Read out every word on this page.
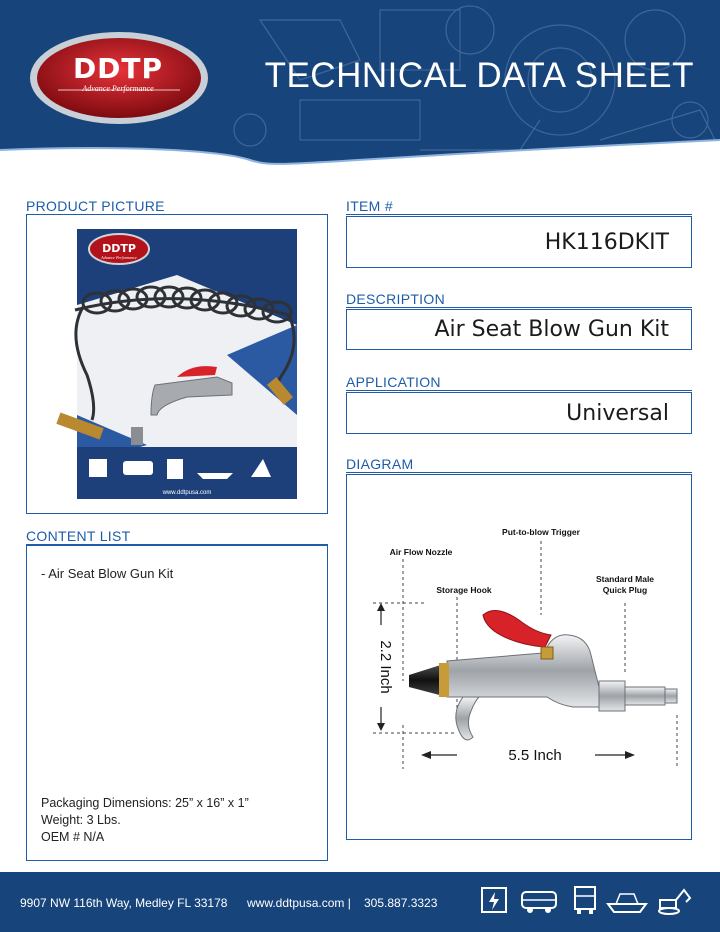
DDTP
Advance Performance	TECHNICAL DATA SHEET
PRODUCT PICTURE
DDTP
Advance Performance
www.ddtpusa.com
ITEM #
HK116DKIT
DESCRIPTION
Air Seat Blow Gun Kit
APPLICATION
Universal
DIAGRAM
Put-to-blow Trigger
Air Flow Nozzle
Storage Hook
Standard Male
Quick Plug
2.2 Inch
5.5 Inch
CONTENT LIST
- Air Seat Blow Gun Kit
Packaging Dimensions: 25” x 16” x 1”
Weight: 3 Lbs.
OEM # N/A
9907 NW 116th Way, Medley FL 33178 www.ddtpusa.com | 305.887.3323
